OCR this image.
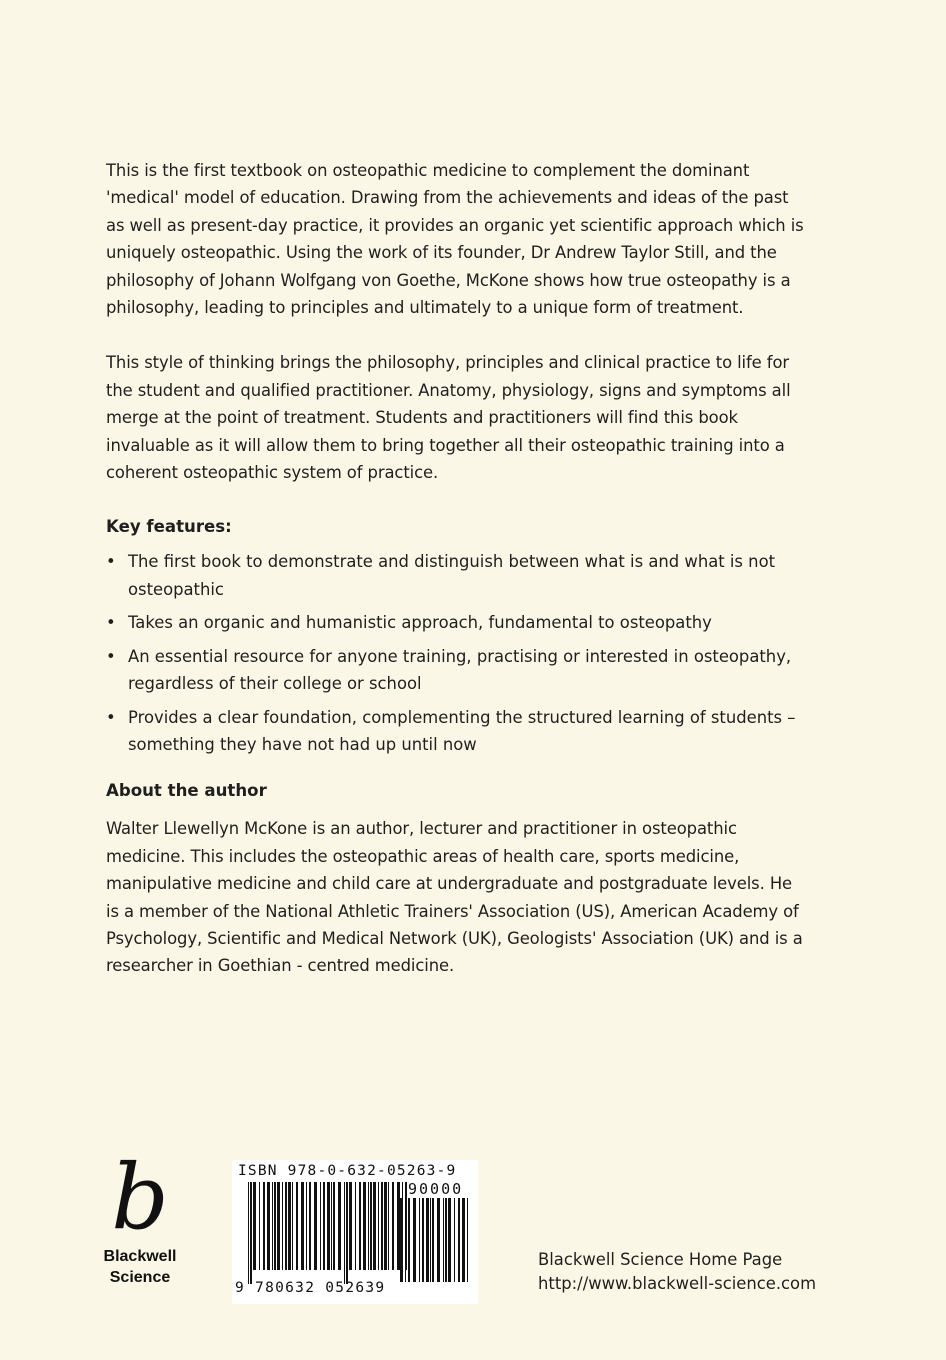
This is the first textbook on osteopathic medicine to complement the dominant 'medical' model of education. Drawing from the achievements and ideas of the past as well as present-day practice, it provides an organic yet scientific approach which is uniquely osteopathic. Using the work of its founder, Dr Andrew Taylor Still, and the philosophy of Johann Wolfgang von Goethe, McKone shows how true osteopathy is a philosophy, leading to principles and ultimately to a unique form of treatment.

This style of thinking brings the philosophy, principles and clinical practice to life for the student and qualified practitioner. Anatomy, physiology, signs and symptoms all merge at the point of treatment. Students and practitioners will find this book invaluable as it will allow them to bring together all their osteopathic training into a coherent osteopathic system of practice.

Key features:
• The first book to demonstrate and distinguish between what is and what is not osteopathic
• Takes an organic and humanistic approach, fundamental to osteopathy
• An essential resource for anyone training, practising or interested in osteopathy, regardless of their college or school
• Provides a clear foundation, complementing the structured learning of students – something they have not had up until now
About the author

Walter Llewellyn McKone is an author, lecturer and practitioner in osteopathic medicine. This includes the osteopathic areas of health care, sports medicine, manipulative medicine and child care at undergraduate and postgraduate levels. He is a member of the National Athletic Trainers' Association (US), American Academy of Psychology, Scientific and Medical Network (UK), Geologists' Association (UK) and is a researcher in Goethian - centred medicine.

b
Blackwell
Science
ISBN 978-0-632-05263-9
90000
9 780632 052639
Blackwell Science Home Page
http://www.blackwell-science.com
